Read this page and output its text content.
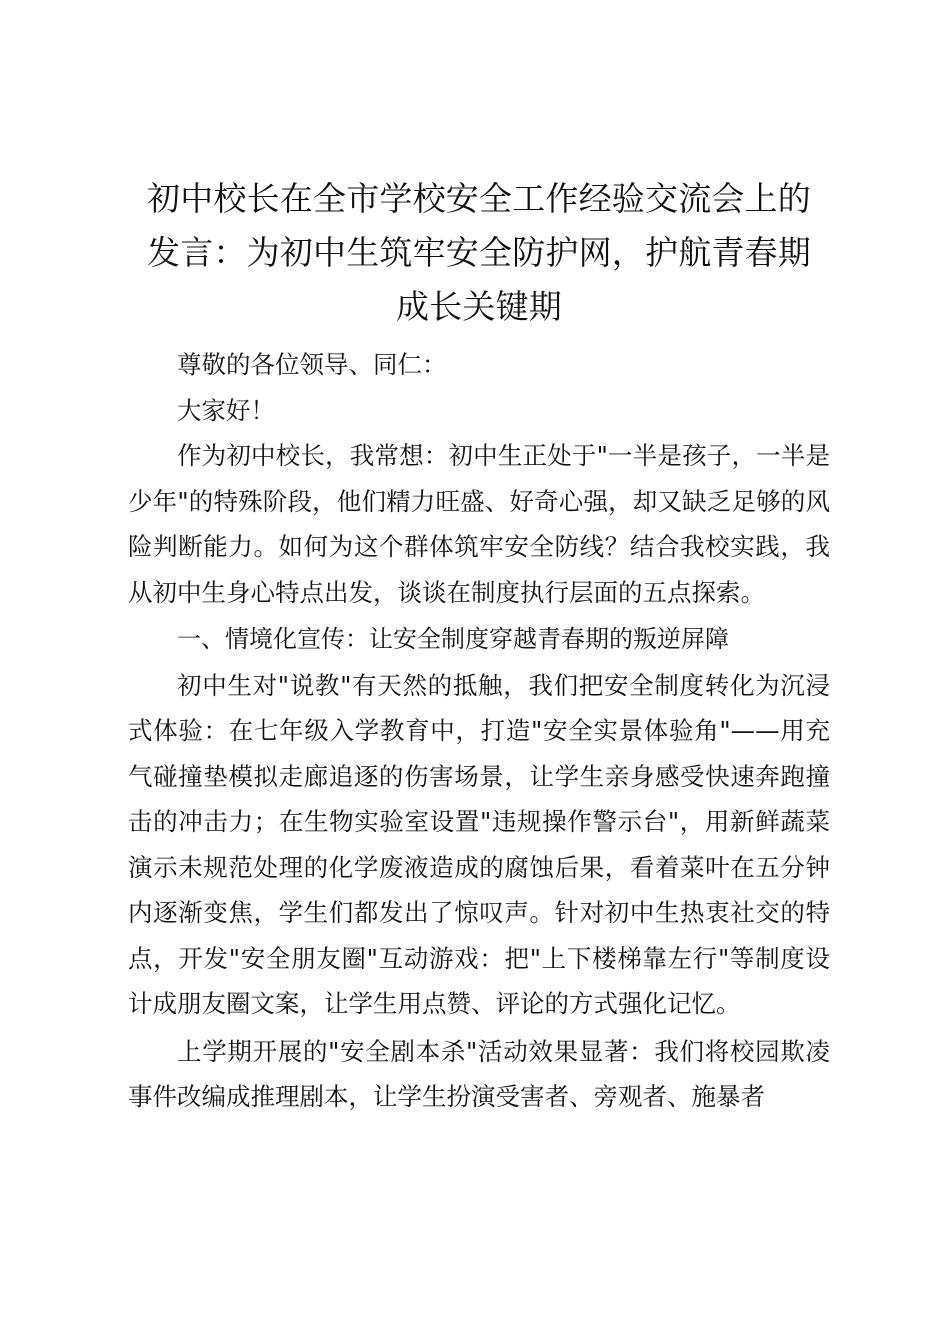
初中校长在全市学校安全工作经验交流会上的
发言：为初中生筑牢安全防护网，护航青春期
成长关键期

尊敬的各位领导、同仁：

大家好！

作为初中校长，我常想：初中生正处于"一半是孩子，一半是少年"的特殊阶段，他们精力旺盛、好奇心强，却又缺乏足够的风险判断能力。如何为这个群体筑牢安全防线？结合我校实践，我从初中生身心特点出发，谈谈在制度执行层面的五点探索。

一、情境化宣传：让安全制度穿越青春期的叛逆屏障

初中生对"说教"有天然的抵触，我们把安全制度转化为沉浸式体验：在七年级入学教育中，打造"安全实景体验角"——用充气碰撞垫模拟走廊追逐的伤害场景，让学生亲身感受快速奔跑撞击的冲击力；在生物实验室设置"违规操作警示台"，用新鲜蔬菜演示未规范处理的化学废液造成的腐蚀后果，看着菜叶在五分钟内逐渐变焦，学生们都发出了惊叹声。针对初中生热衷社交的特点，开发"安全朋友圈"互动游戏：把"上下楼梯靠左行"等制度设计成朋友圈文案，让学生用点赞、评论的方式强化记忆。

上学期开展的"安全剧本杀"活动效果显著：我们将校园欺凌事件改编成推理剧本，让学生扮演受害者、旁观者、施暴者
